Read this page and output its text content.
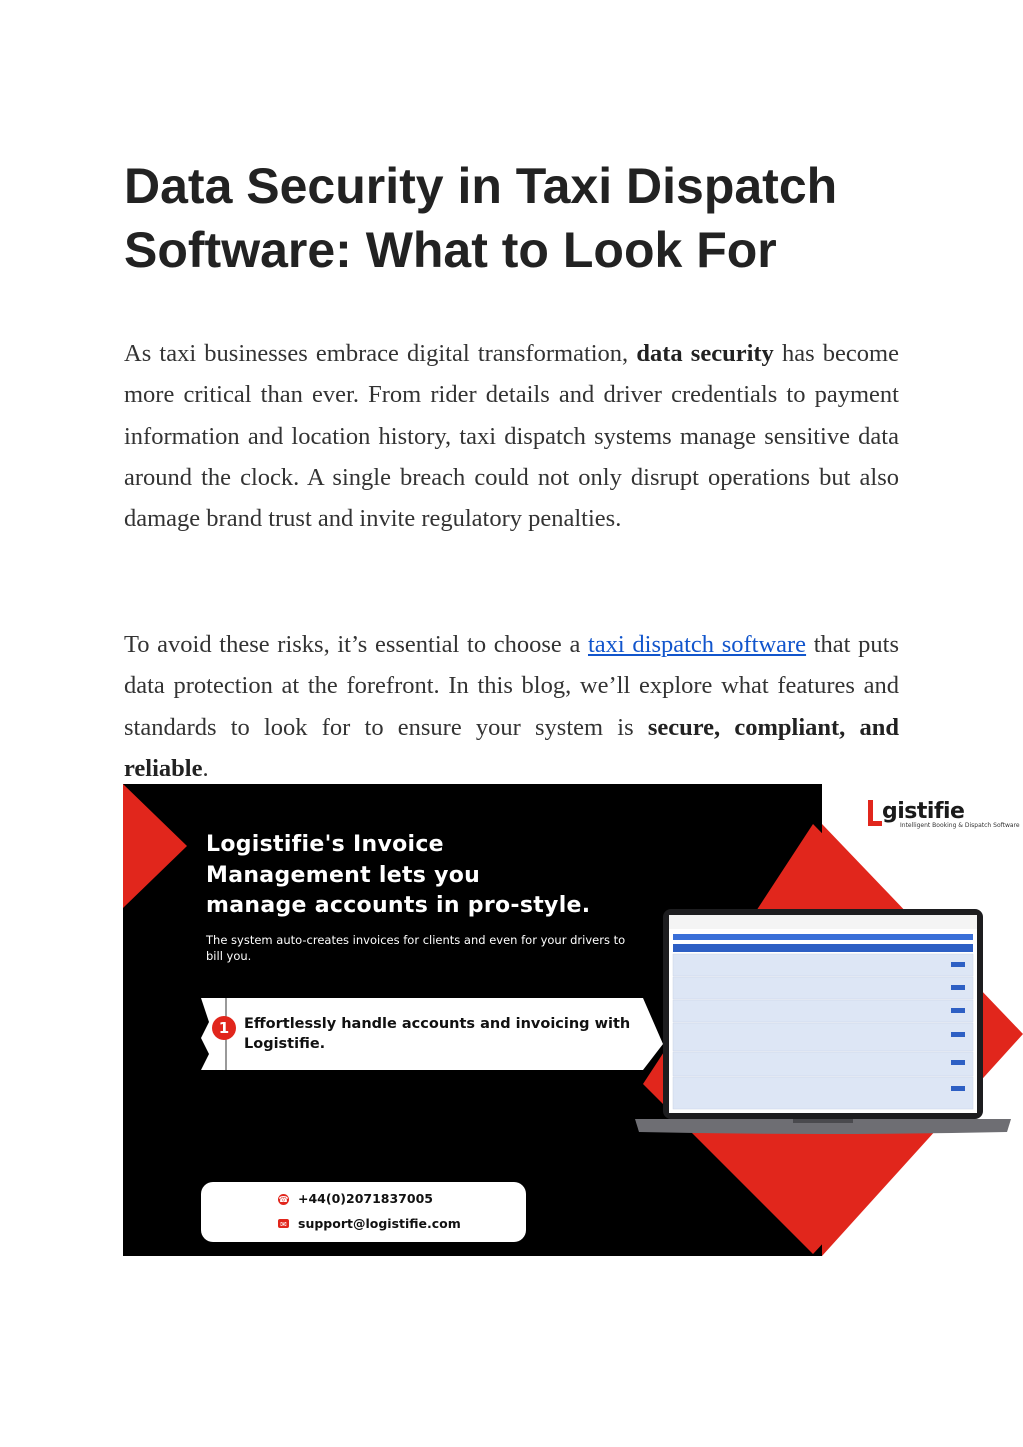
Data Security in Taxi Dispatch Software: What to Look For

As taxi businesses embrace digital transformation, data security has become more critical than ever. From rider details and driver credentials to payment information and location history, taxi dispatch systems manage sensitive data around the clock. A single breach could not only disrupt operations but also damage brand trust and invite regulatory penalties.

To avoid these risks, it’s essential to choose a taxi dispatch software that puts data protection at the forefront. In this blog, we’ll explore what features and standards to look for to ensure your system is secure, compliant, and reliable.

gistifie
Intelligent Booking & Dispatch Software
Logistifie's Invoice
Management lets you
manage accounts in pro-style.
The system auto-creates invoices for clients and even for your drivers to bill you.
1	Effortlessly handle accounts and invoicing with Logistifie.
☎ +44(0)2071837005
✉ support@logistifie.com
